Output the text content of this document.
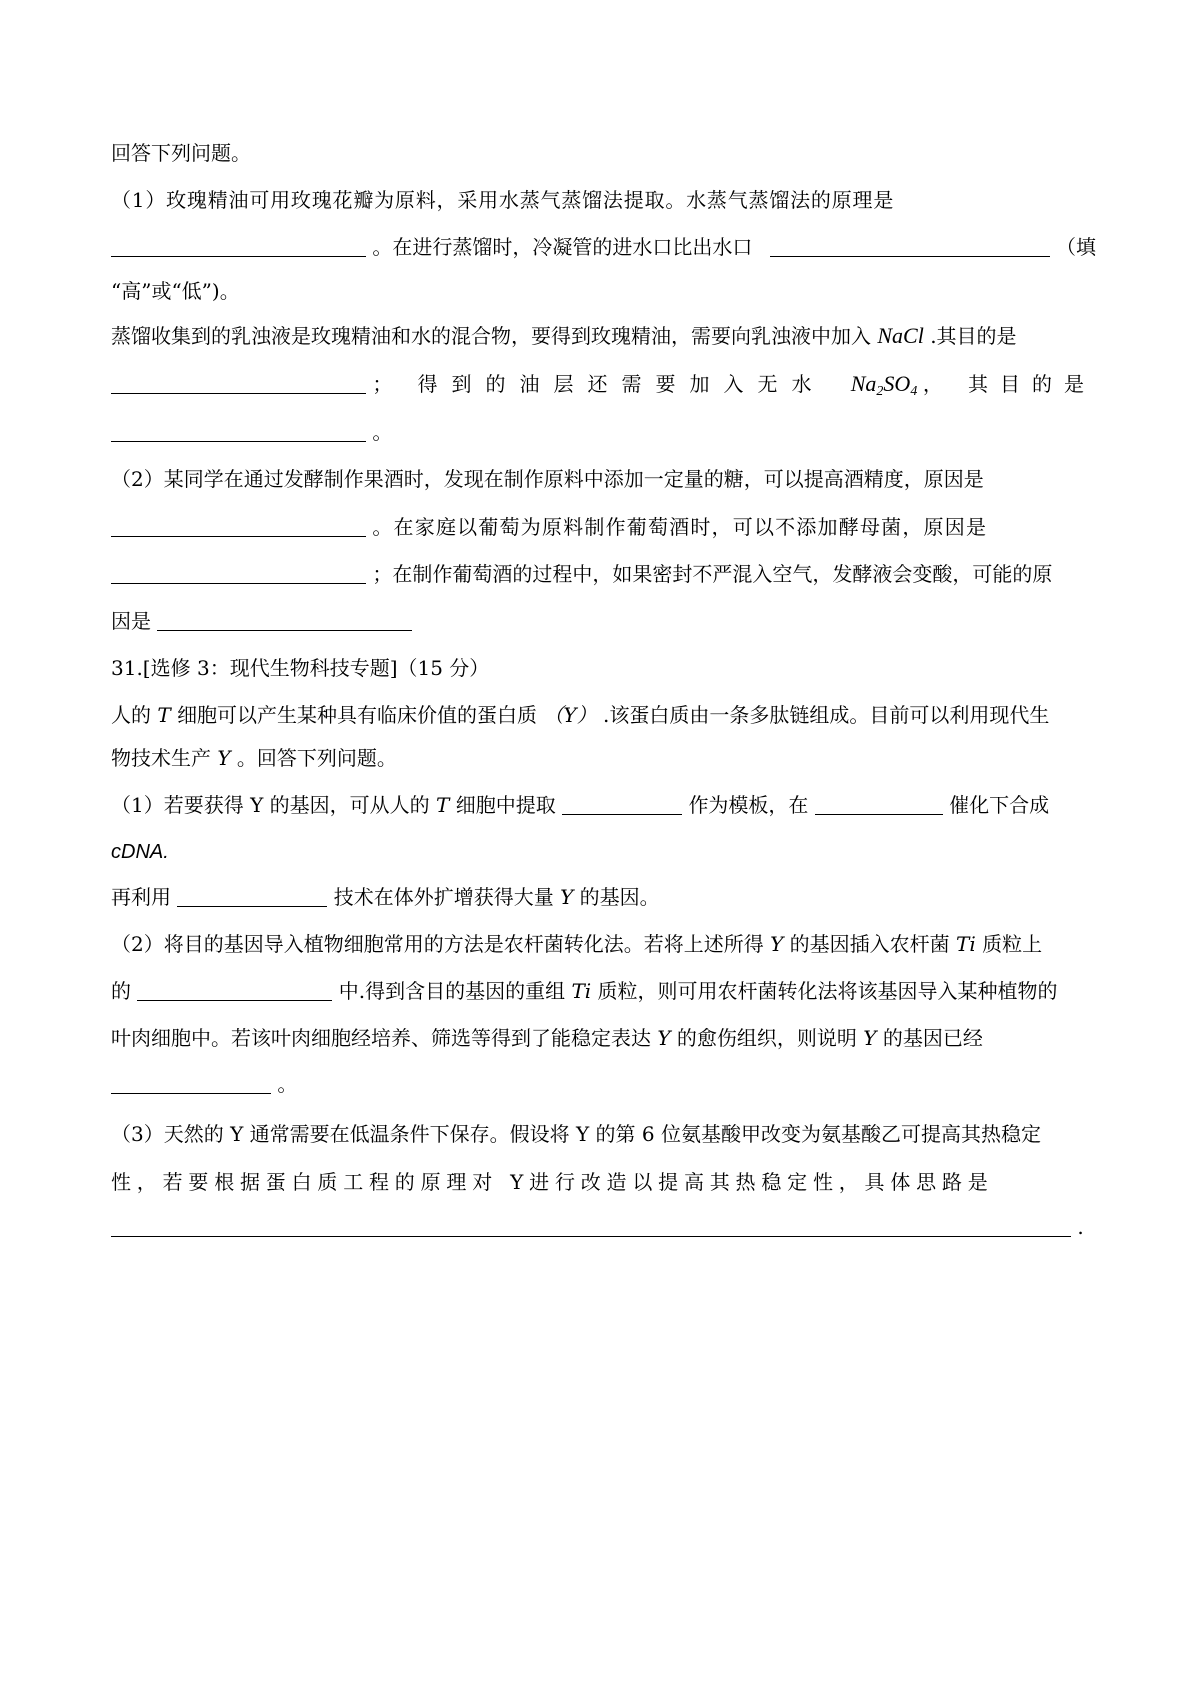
回答下列问题。
（1）玫瑰精油可用玫瑰花瓣为原料，采用水蒸气蒸馏法提取。水蒸气蒸馏法的原理是
。在进行蒸馏时，冷凝管的进水口比出水口	（填
“高”或“低”)。
蒸馏收集到的乳浊液是玫瑰精油和水的混合物，要得到玫瑰精油，需要向乳浊液中加入 NaCl .其目的是
； 得到的油层还需要加入无水 $Na_2SO_4$ ， 其目的是
。
（2）某同学在通过发酵制作果酒时，发现在制作原料中添加一定量的糖，可以提高酒精度，原因是
。在家庭以葡萄为原料制作葡萄酒时，可以不添加酵母菌，原因是
；在制作葡萄酒的过程中，如果密封不严混入空气，发酵液会变酸，可能的原
因是
31.[选修 3：现代生物科技专题]（15 分）
人的 T 细胞可以产生某种具有临床价值的蛋白质 （Y） .该蛋白质由一条多肽链组成。目前可以利用现代生
物技术生产 Y 。回答下列问题。
（1）若要获得 Y 的基因，可从人的 T 细胞中提取	作为模板，在	催化下合成
cDNA.
再利用	技术在体外扩增获得大量 Y 的基因。
（2）将目的基因导入植物细胞常用的方法是农杆菌转化法。若将上述所得 Y 的基因插入农杆菌 Ti 质粒上
的	中.得到含目的基因的重组 Ti 质粒，则可用农杆菌转化法将该基因导入某种植物的
叶肉细胞中。若该叶肉细胞经培养、筛选等得到了能稳定表达 Y 的愈伤组织，则说明 Y 的基因已经
。
（3）天然的 Y 通常需要在低温条件下保存。假设将 Y 的第 6 位氨基酸甲改变为氨基酸乙可提高其热稳定
性，若要根据蛋白质工程的原理对 Y进行改造以提高其热稳定性，具体思路是
.
